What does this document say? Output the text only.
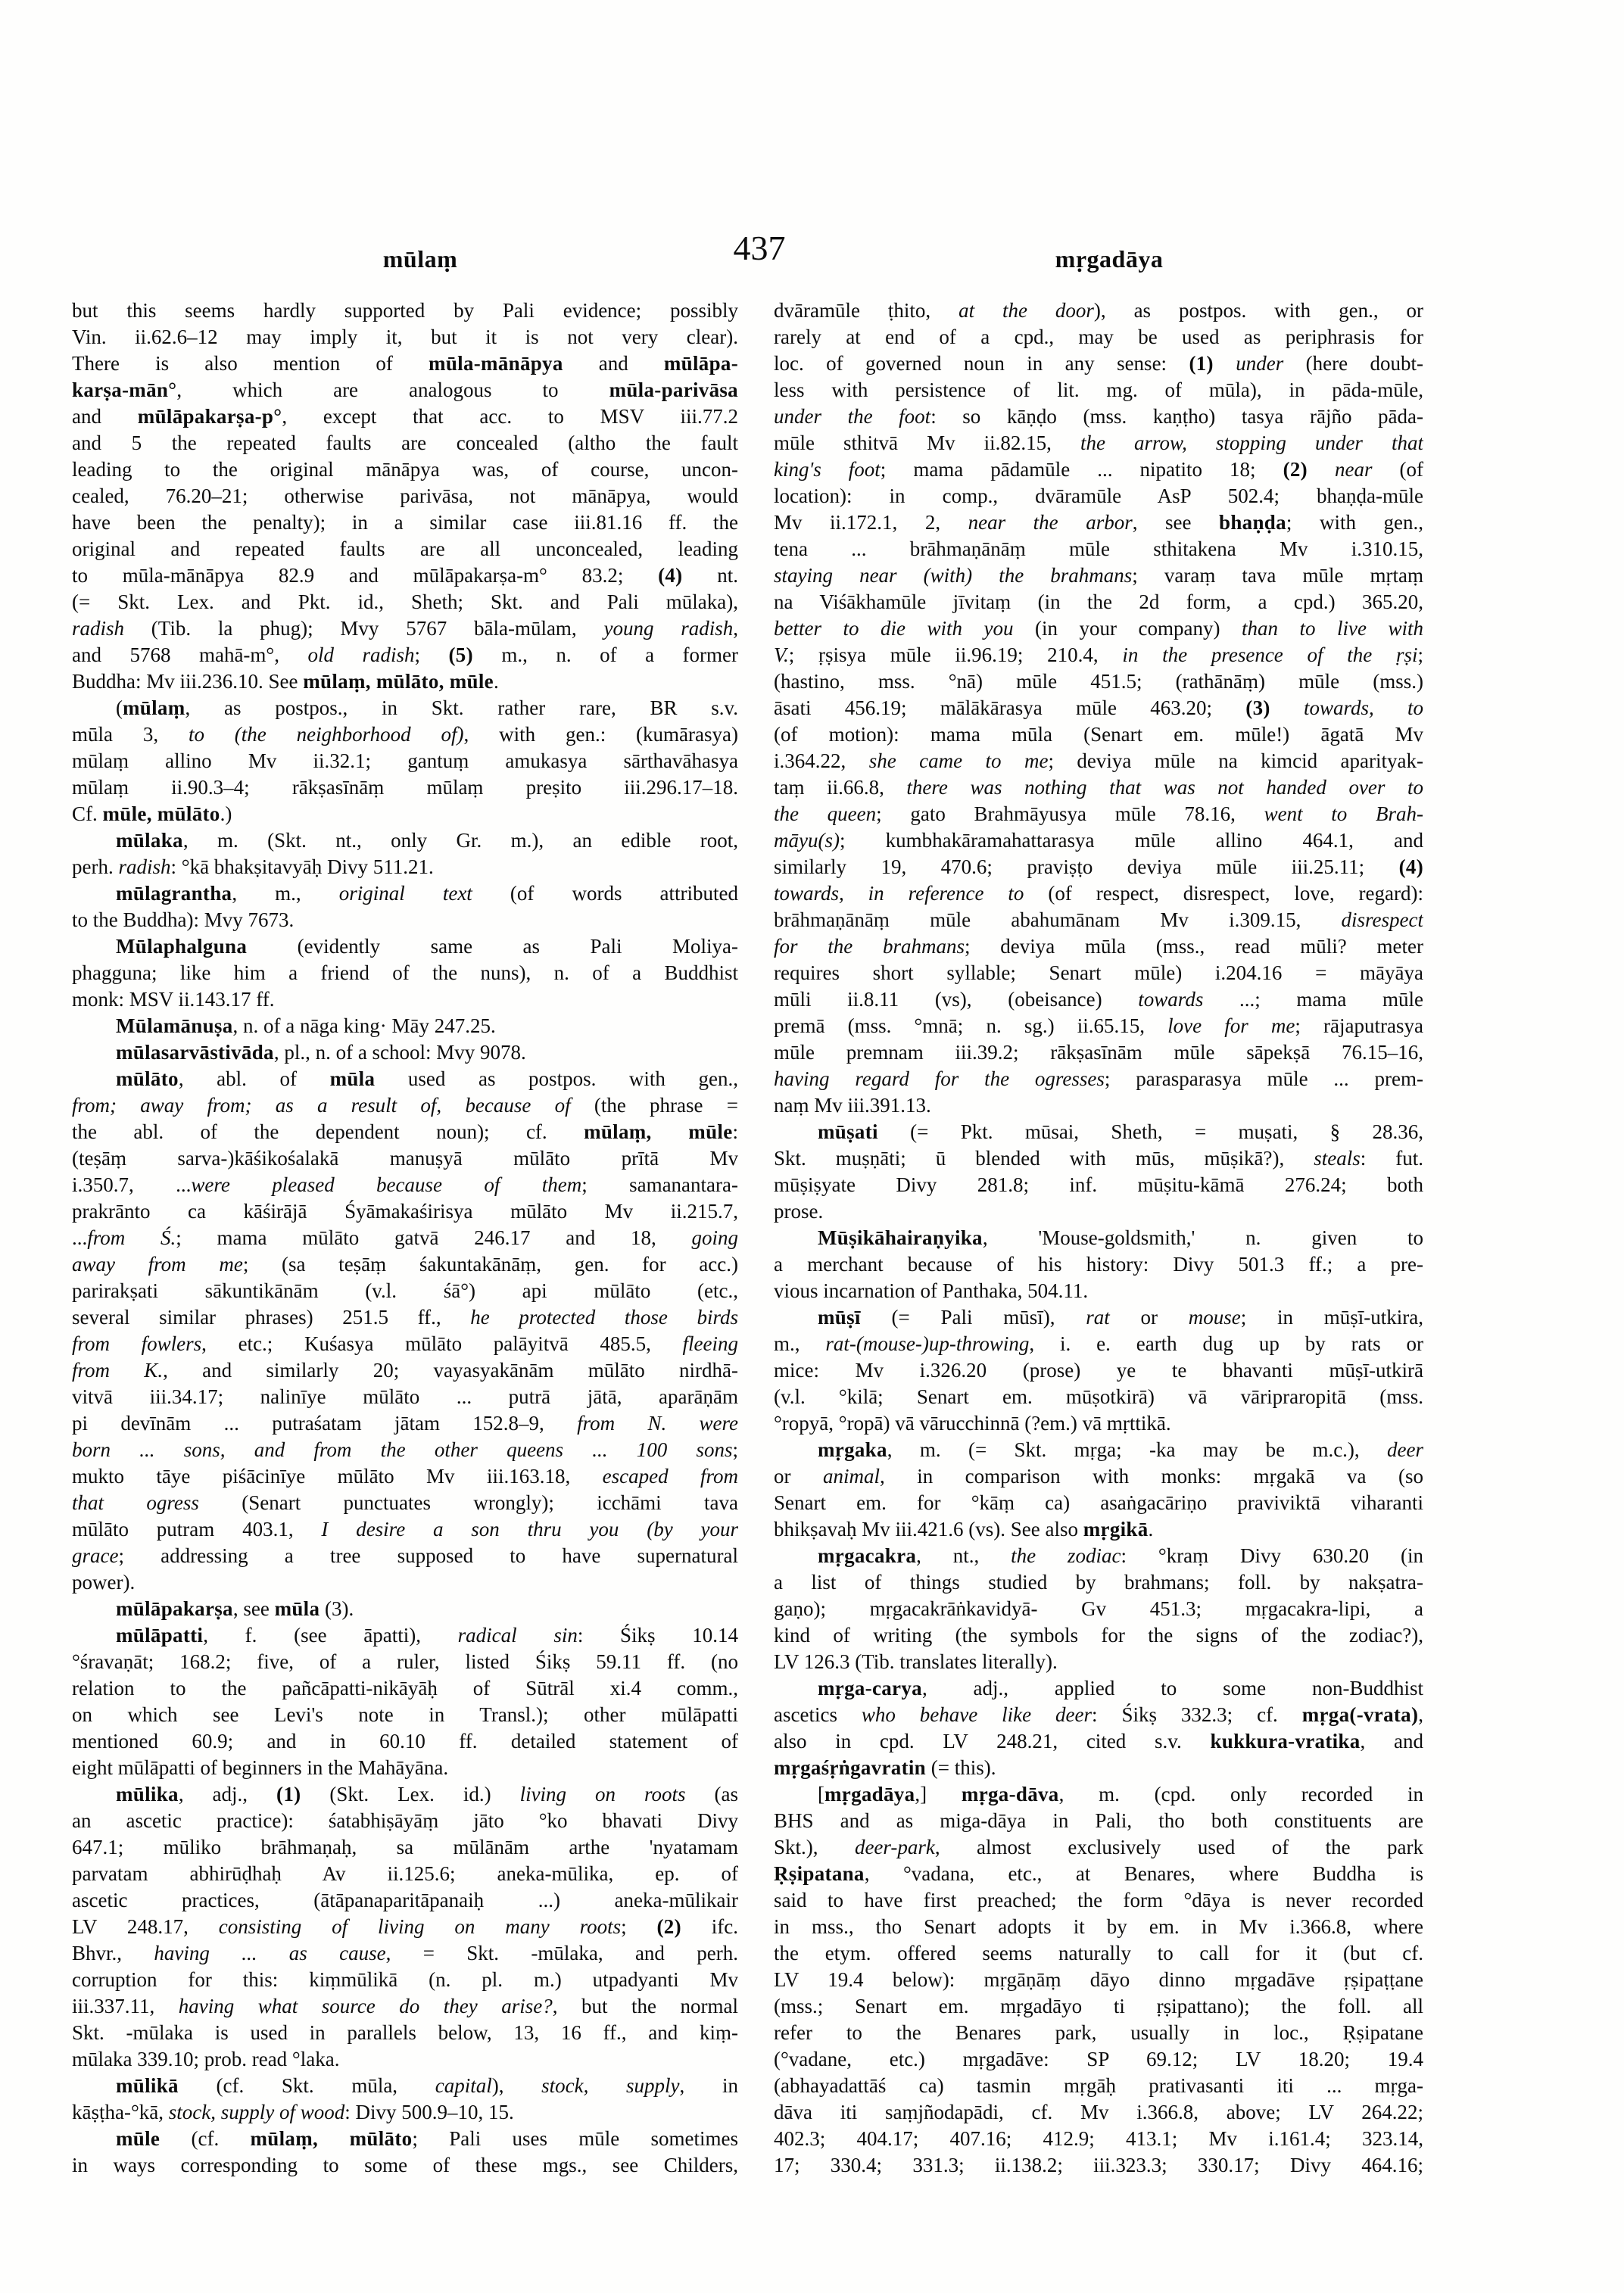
mūlaṃ	437	mṛgadāya
but this seems hardly supported by Pali evidence; possibly
Vin. ii.62.6–12 may imply it, but it is not very clear).
There is also mention of mūla-mānāpya and mūlāpa-
karṣa-mān°, which are analogous to mūla-parivāsa
and mūlāpakarṣa-p°, except that acc. to MSV iii.77.2
and 5 the repeated faults are concealed (altho the fault
leading to the original mānāpya was, of course, uncon-
cealed, 76.20–21; otherwise parivāsa, not mānāpya, would
have been the penalty); in a similar case iii.81.16 ff. the
original and repeated faults are all unconcealed, leading
to mūla-mānāpya 82.9 and mūlāpakarṣa-m° 83.2; (4) nt.
(= Skt. Lex. and Pkt. id., Sheth; Skt. and Pali mūlaka),
radish (Tib. la phug); Mvy 5767 bāla-mūlam, young radish,
and 5768 mahā-m°, old radish; (5) m., n. of a former
Buddha: Mv iii.236.10. See mūlaṃ, mūlāto, mūle.
(mūlaṃ, as postpos., in Skt. rather rare, BR s.v.
mūla 3, to (the neighborhood of), with gen.: (kumārasya)
mūlaṃ allino Mv ii.32.1; gantuṃ amukasya sārthavāhasya
mūlaṃ ii.90.3–4; rākṣasīnāṃ mūlaṃ preṣito iii.296.17–18.
Cf. mūle, mūlāto.)
mūlaka, m. (Skt. nt., only Gr. m.), an edible root,
perh. radish: °kā bhakṣitavyāḥ Divy 511.21.
mūlagrantha, m., original text (of words attributed
to the Buddha): Mvy 7673.
Mūlaphalguna (evidently same as Pali Moliya-
phagguna; like him a friend of the nuns), n. of a Buddhist
monk: MSV ii.143.17 ff.
Mūlamānuṣa, n. of a nāga king· Māy 247.25.
mūlasarvāstivāda, pl., n. of a school: Mvy 9078.
mūlāto, abl. of mūla used as postpos. with gen.,
from; away from; as a result of, because of (the phrase =
the abl. of the dependent noun); cf. mūlaṃ, mūle:
(teṣāṃ sarva-)kāśikośalakā manuṣyā mūlāto prītā Mv
i.350.7, ...were pleased because of them; samanantara-
prakrānto ca kāśirājā Śyāmakaśirisya mūlāto Mv ii.215.7,
...from Ś.; mama mūlāto gatvā 246.17 and 18, going
away from me; (sa teṣāṃ śakuntakānāṃ, gen. for acc.)
parirakṣati sākuntikānām (v.l. śā°) api mūlāto (etc.,
several similar phrases) 251.5 ff., he protected those birds
from fowlers, etc.; Kuśasya mūlāto palāyitvā 485.5, fleeing
from K., and similarly 20; vayasyakānām mūlāto nirdhā-
vitvā iii.34.17; nalinīye mūlāto ... putrā jātā, aparāṇām
pi devīnām ... putraśatam jātam 152.8–9, from N. were
born ... sons, and from the other queens ... 100 sons;
mukto tāye piśācinīye mūlāto Mv iii.163.18, escaped from
that ogress (Senart punctuates wrongly); icchāmi tava
mūlāto putram 403.1, I desire a son thru you (by your
grace; addressing a tree supposed to have supernatural
power).
mūlāpakarṣa, see mūla (3).
mūlāpatti, f. (see āpatti), radical sin: Śikṣ 10.14
°śravaṇāt; 168.2; five, of a ruler, listed Śikṣ 59.11 ff. (no
relation to the pañcāpatti-nikāyāḥ of Sūtrāl xi.4 comm.,
on which see Levi's note in Transl.); other mūlāpatti
mentioned 60.9; and in 60.10 ff. detailed statement of
eight mūlāpatti of beginners in the Mahāyāna.
mūlika, adj., (1) (Skt. Lex. id.) living on roots (as
an ascetic practice): śatabhiṣāyāṃ jāto °ko bhavati Divy
647.1; mūliko brāhmaṇaḥ, sa mūlānām arthe 'nyatamam
parvatam abhirūḍhaḥ Av ii.125.6; aneka-mūlika, ep. of
ascetic practices, (ātāpanaparitāpanaiḥ ...) aneka-mūlikair
LV 248.17, consisting of living on many roots; (2) ifc.
Bhvr., having ... as cause, = Skt. -mūlaka, and perh.
corruption for this: kiṃmūlikā (n. pl. m.) utpadyanti Mv
iii.337.11, having what source do they arise?, but the normal
Skt. -mūlaka is used in parallels below, 13, 16 ff., and kiṃ-
mūlaka 339.10; prob. read °laka.
mūlikā (cf. Skt. mūla, capital), stock, supply, in
kāṣṭha-°kā, stock, supply of wood: Divy 500.9–10, 15.
mūle (cf. mūlaṃ, mūlāto; Pali uses mūle sometimes
in ways corresponding to some of these mgs., see Childers,
dvāramūle ṭhito, at the door), as postpos. with gen., or
rarely at end of a cpd., may be used as periphrasis for
loc. of governed noun in any sense: (1) under (here doubt-
less with persistence of lit. mg. of mūla), in pāda-mūle,
under the foot: so kāṇḍo (mss. kaṇṭho) tasya rājño pāda-
mūle sthitvā Mv ii.82.15, the arrow, stopping under that
king's foot; mama pādamūle ... nipatito 18; (2) near (of
location): in comp., dvāramūle AsP 502.4; bhaṇḍa-mūle
Mv ii.172.1, 2, near the arbor, see bhaṇḍa; with gen.,
tena ... brāhmaṇānāṃ mūle sthitakena Mv i.310.15,
staying near (with) the brahmans; varaṃ tava mūle mṛtaṃ
na Viśākhamūle jīvitaṃ (in the 2d form, a cpd.) 365.20,
better to die with you (in your company) than to live with
V.; ṛṣisya mūle ii.96.19; 210.4, in the presence of the ṛṣi;
(hastino, mss. °nā) mūle 451.5; (rathānāṃ) mūle (mss.)
āsati 456.19; mālākārasya mūle 463.20; (3) towards, to
(of motion): mama mūla (Senart em. mūle!) āgatā Mv
i.364.22, she came to me; deviya mūle na kimcid aparityak-
taṃ ii.66.8, there was nothing that was not handed over to
the queen; gato Brahmāyusya mūle 78.16, went to Brah-
māyu(s); kumbhakāramahattarasya mūle allino 464.1, and
similarly 19, 470.6; praviṣṭo deviya mūle iii.25.11; (4)
towards, in reference to (of respect, disrespect, love, regard):
brāhmaṇānāṃ mūle abahumānam Mv i.309.15, disrespect
for the brahmans; deviya mūla (mss., read mūli? meter
requires short syllable; Senart mūle) i.204.16 = māyāya
mūli ii.8.11 (vs), (obeisance) towards ...; mama mūle
premā (mss. °mnā; n. sg.) ii.65.15, love for me; rājaputrasya
mūle premnam iii.39.2; rākṣasīnām mūle sāpekṣā 76.15–16,
having regard for the ogresses; parasparasya mūle ... prem-
naṃ Mv iii.391.13.
mūṣati (= Pkt. mūsai, Sheth, = muṣati, § 28.36,
Skt. muṣṇāti; ū blended with mūs, mūṣikā?), steals: fut.
mūṣiṣyate Divy 281.8; inf. mūṣitu-kāmā 276.24; both
prose.
Mūṣikāhairaṇyika, 'Mouse-goldsmith,' n. given to
a merchant because of his history: Divy 501.3 ff.; a pre-
vious incarnation of Panthaka, 504.11.
mūṣī (= Pali mūsī), rat or mouse; in mūṣī-utkira,
m., rat-(mouse-)up-throwing, i. e. earth dug up by rats or
mice: Mv i.326.20 (prose) ye te bhavanti mūṣī-utkirā
(v.l. °kilā; Senart em. mūṣotkirā) vā vāripraropitā (mss.
°ropyā, °ropā) vā vārucchinnā (?em.) vā mṛttikā.
mṛgaka, m. (= Skt. mṛga; -ka may be m.c.), deer
or animal, in comparison with monks: mṛgakā va (so
Senart em. for °kāṃ ca) asaṅgacāriṇo praviviktā viharanti
bhikṣavaḥ Mv iii.421.6 (vs). See also mṛgikā.
mṛgacakra, nt., the zodiac: °kraṃ Divy 630.20 (in
a list of things studied by brahmans; foll. by nakṣatra-
gaṇo); mṛgacakrāṅkavidyā- Gv 451.3; mṛgacakra-lipi, a
kind of writing (the symbols for the signs of the zodiac?),
LV 126.3 (Tib. translates literally).
mṛga-carya, adj., applied to some non-Buddhist
ascetics who behave like deer: Śikṣ 332.3; cf. mṛga(-vrata),
also in cpd. LV 248.21, cited s.v. kukkura-vratika, and
mṛgaśṛṅgavratin (= this).
[mṛgadāya,] mṛga-dāva, m. (cpd. only recorded in
BHS and as miga-dāya in Pali, tho both constituents are
Skt.), deer-park, almost exclusively used of the park
Ṛṣipatana, °vadana, etc., at Benares, where Buddha is
said to have first preached; the form °dāya is never recorded
in mss., tho Senart adopts it by em. in Mv i.366.8, where
the etym. offered seems naturally to call for it (but cf.
LV 19.4 below): mṛgāṇāṃ dāyo dinno mṛgadāve ṛṣipaṭṭane
(mss.; Senart em. mṛgadāyo ti ṛṣipattano); the foll. all
refer to the Benares park, usually in loc., Ṛṣipatane
(°vadane, etc.) mṛgadāve: SP 69.12; LV 18.20; 19.4
(abhayadattāś ca) tasmin mṛgāḥ prativasanti iti ... mṛga-
dāva iti saṃjñodapādi, cf. Mv i.366.8, above; LV 264.22;
402.3; 404.17; 407.16; 412.9; 413.1; Mv i.161.4; 323.14,
17; 330.4; 331.3; ii.138.2; iii.323.3; 330.17; Divy 464.16;
